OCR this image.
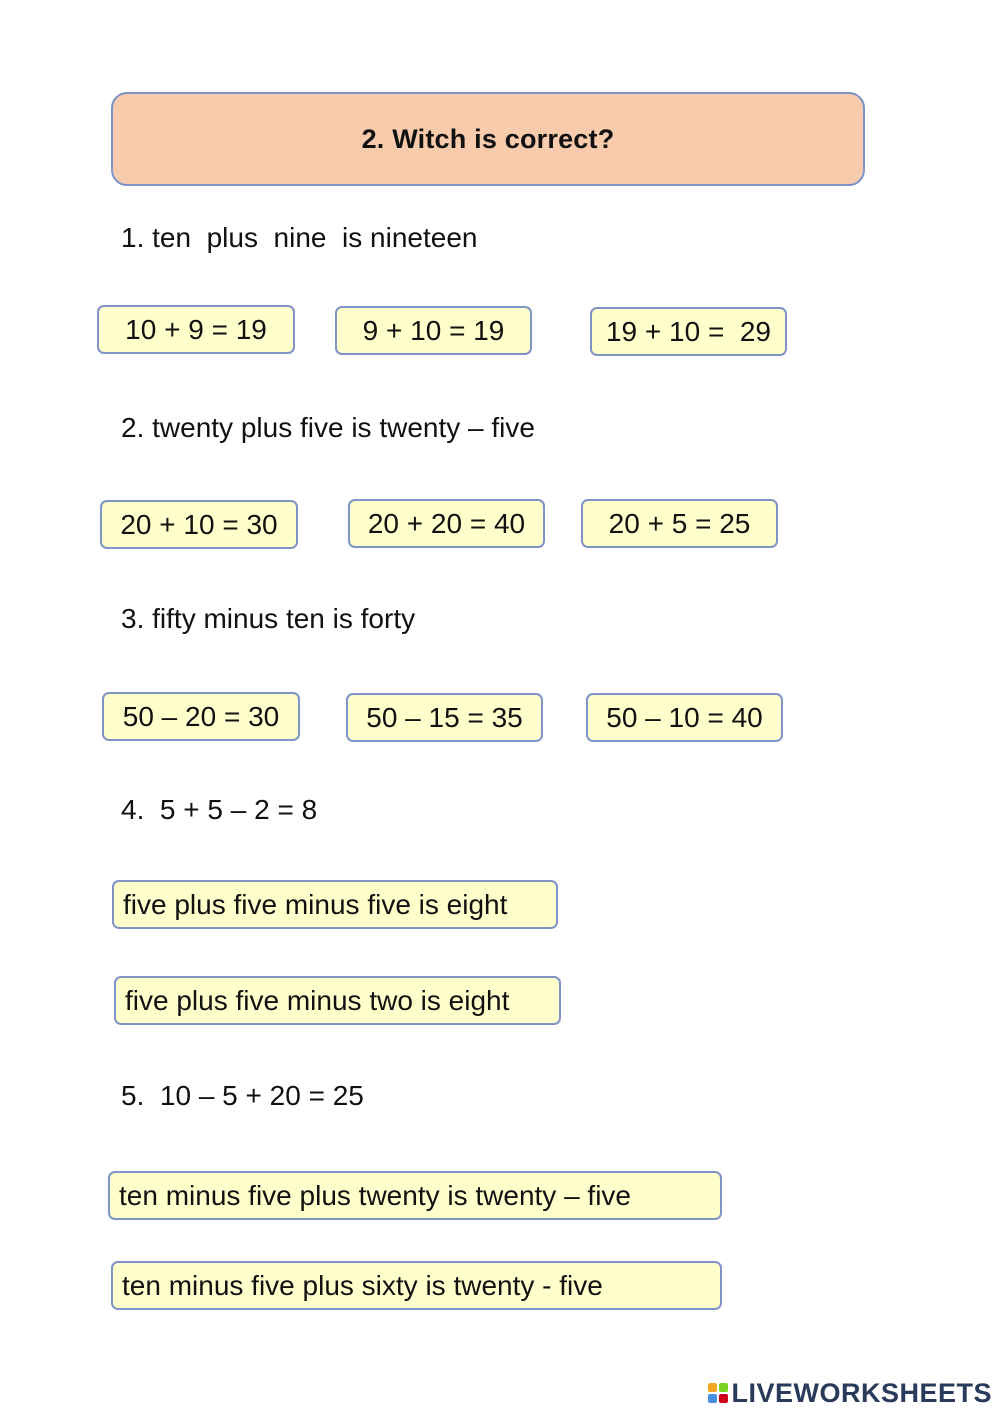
2. Witch is correct?
1. ten  plus  nine  is nineteen
10 + 9 = 19	9 + 10 = 19	19 + 10 =  29
2. twenty plus five is twenty – five
20 + 10 = 30	20 + 20 = 40	20 + 5 = 25
3. fifty minus ten is forty
50 – 20 = 30	50 – 15 = 35	50 – 10 = 40
4.  5 + 5 – 2 = 8
five plus five minus five is eight
five plus five minus two is eight
5.  10 – 5 + 20 = 25
ten minus five plus twenty is twenty – five
ten minus five plus sixty is twenty - five
LIVEWORKSHEETS
